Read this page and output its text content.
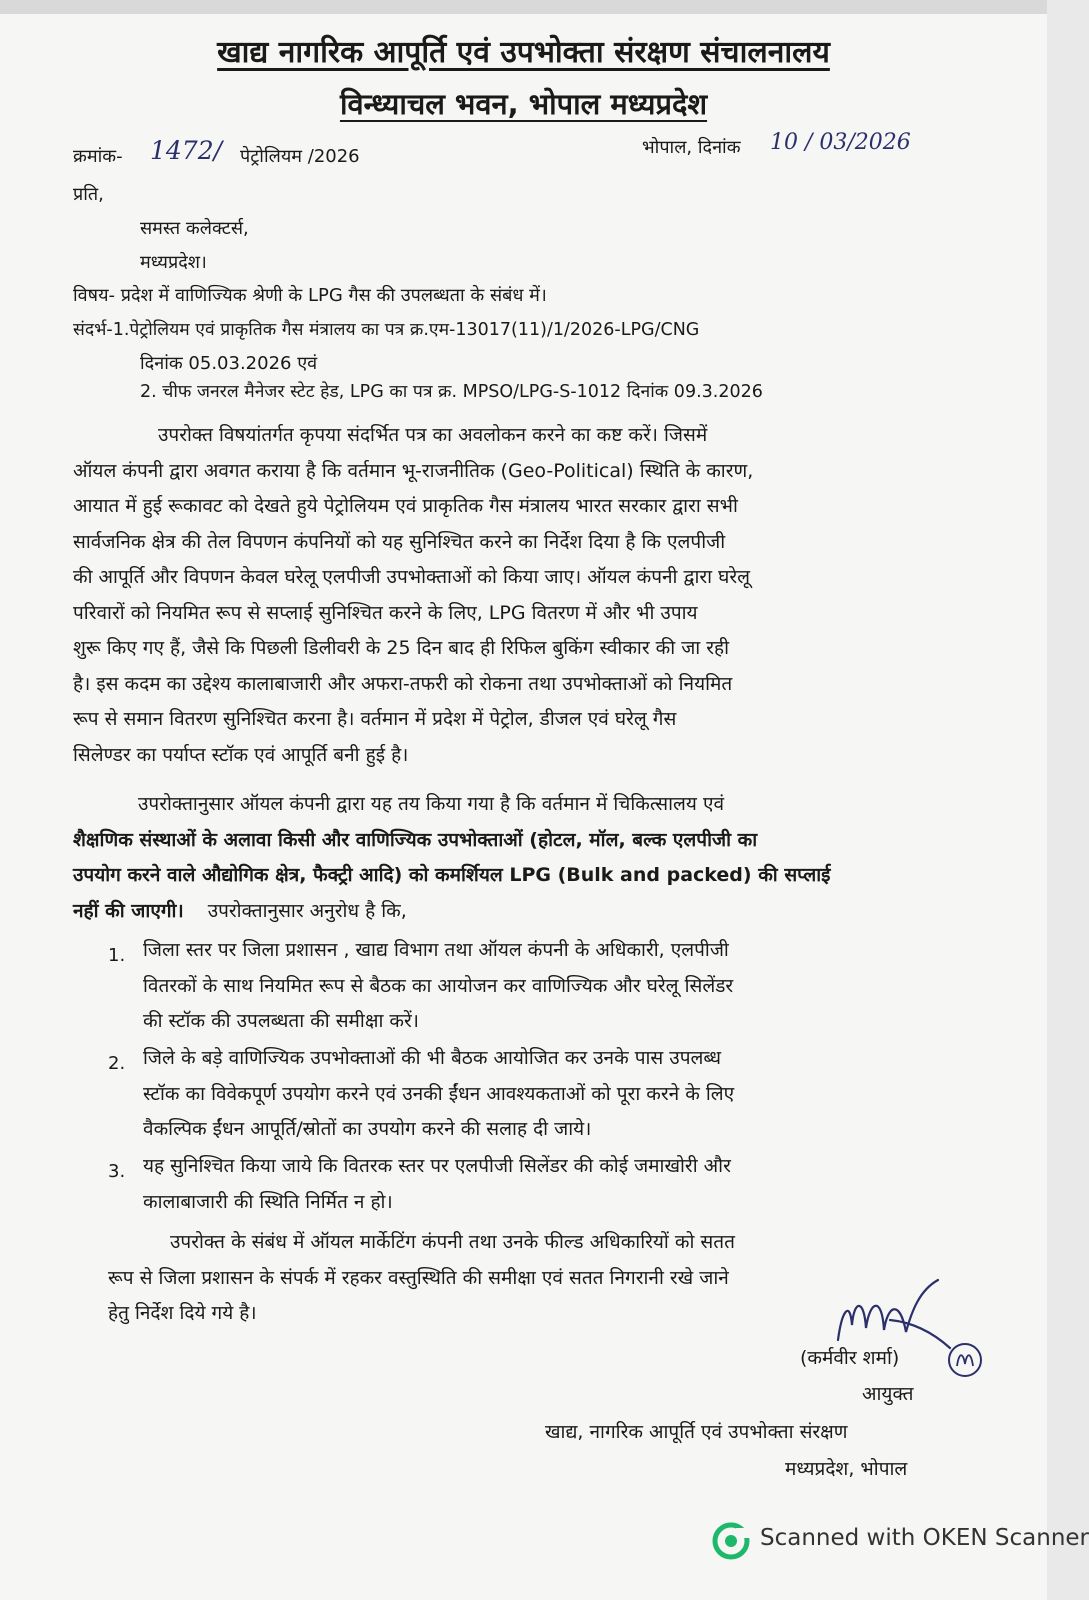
खाद्य नागरिक आपूर्ति एवं उपभोक्ता संरक्षण संचालनालय
विन्ध्याचल भवन, भोपाल मध्यप्रदेश
क्रमांक- 1472/ पेट्रोलियम /2026	भोपाल, दिनांक 10 / 03/2026
प्रति,
समस्त कलेक्टर्स,
मध्यप्रदेश।
विषय- प्रदेश में वाणिज्यिक श्रेणी के LPG गैस की उपलब्धता के संबंध में।
संदर्भ-1.पेट्रोलियम एवं प्राकृतिक गैस मंत्रालय का पत्र क्र.एम-13017(11)/1/2026-LPG/CNG
दिनांक 05.03.2026 एवं
2. चीफ जनरल मैनेजर स्टेट हेड, LPG का पत्र क्र. MPSO/LPG-S-1012 दिनांक 09.3.2026
उपरोक्त विषयांतर्गत कृपया संदर्भित पत्र का अवलोकन करने का कष्ट करें। जिसमें
ऑयल कंपनी द्वारा अवगत कराया है कि वर्तमान भू-राजनीतिक (Geo-Political) स्थिति के कारण,
आयात में हुई रूकावट को देखते हुये पेट्रोलियम एवं प्राकृतिक गैस मंत्रालय भारत सरकार द्वारा सभी
सार्वजनिक क्षेत्र की तेल विपणन कंपनियों को यह सुनिश्चित करने का निर्देश दिया है कि एलपीजी
की आपूर्ति और विपणन केवल घरेलू एलपीजी उपभोक्ताओं को किया जाए। ऑयल कंपनी द्वारा घरेलू
परिवारों को नियमित रूप से सप्लाई सुनिश्चित करने के लिए, LPG वितरण में और भी उपाय
शुरू किए गए हैं, जैसे कि पिछली डिलीवरी के 25 दिन बाद ही रिफिल बुकिंग स्वीकार की जा रही
है। इस कदम का उद्देश्य कालाबाजारी और अफरा-तफरी को रोकना तथा उपभोक्ताओं को नियमित
रूप से समान वितरण सुनिश्चित करना है। वर्तमान में प्रदेश में पेट्रोल, डीजल एवं घरेलू गैस
सिलेण्डर का पर्याप्त स्टॉक एवं आपूर्ति बनी हुई है।
उपरोक्तानुसार ऑयल कंपनी द्वारा यह तय किया गया है कि वर्तमान में चिकित्सालय एवं
शैक्षणिक संस्थाओं के अलावा किसी और वाणिज्यिक उपभोक्ताओं (होटल, मॉल, बल्क एलपीजी का
उपयोग करने वाले औद्योगिक क्षेत्र, फैक्ट्री आदि) को कमर्शियल LPG (Bulk and packed) की सप्लाई
नहीं की जाएगी। उपरोक्तानुसार अनुरोध है कि,
1. जिला स्तर पर जिला प्रशासन , खाद्य विभाग तथा ऑयल कंपनी के अधिकारी, एलपीजी
वितरकों के साथ नियमित रूप से बैठक का आयोजन कर वाणिज्यिक और घरेलू सिलेंडर
की स्टॉक की उपलब्धता की समीक्षा करें।
2. जिले के बड़े वाणिज्यिक उपभोक्ताओं की भी बैठक आयोजित कर उनके पास उपलब्ध
स्टॉक का विवेकपूर्ण उपयोग करने एवं उनकी ईंधन आवश्यकताओं को पूरा करने के लिए
वैकल्पिक ईंधन आपूर्ति/स्रोतों का उपयोग करने की सलाह दी जाये।
3. यह सुनिश्चित किया जाये कि वितरक स्तर पर एलपीजी सिलेंडर की कोई जमाखोरी और
कालाबाजारी की स्थिति निर्मित न हो।
उपरोक्त के संबंध में ऑयल मार्केटिंग कंपनी तथा उनके फील्ड अधिकारियों को सतत
रूप से जिला प्रशासन के संपर्क में रहकर वस्तुस्थिति की समीक्षा एवं सतत निगरानी रखे जाने
हेतु निर्देश दिये गये है।
(कर्मवीर शर्मा)
आयुक्त
खाद्य, नागरिक आपूर्ति एवं उपभोक्ता संरक्षण
मध्यप्रदेश, भोपाल
Scanned with OKEN Scanner
